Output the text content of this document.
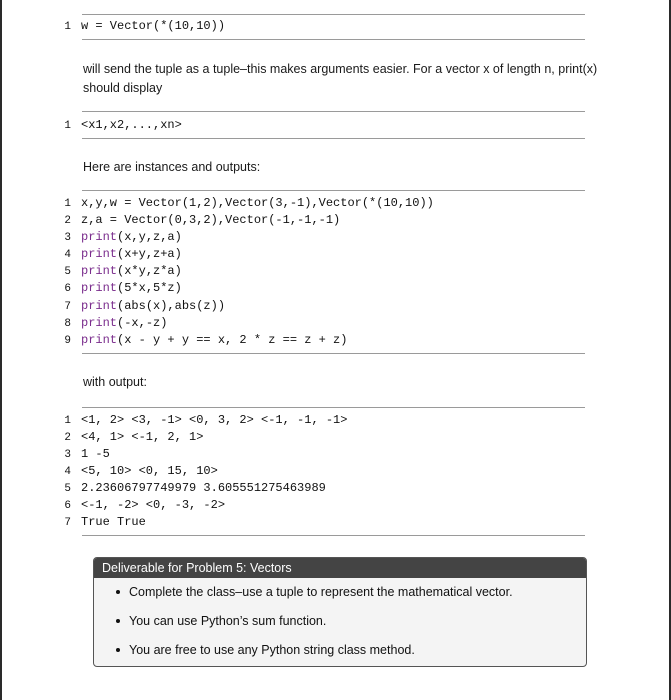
1 w = Vector(*(10,10))
will send the tuple as a tuple–this makes arguments easier. For a vector x of length n, print(x) should display
1 <x1,x2,...,xn>
Here are instances and outputs:
1 x,y,w = Vector(1,2),Vector(3,-1),Vector(*(10,10))
2 z,a = Vector(0,3,2),Vector(-1,-1,-1)
3 print(x,y,z,a)
4 print(x+y,z+a)
5 print(x*y,z*a)
6 print(5*x,5*z)
7 print(abs(x),abs(z))
8 print(-x,-z)
9 print(x - y + y == x, 2 * z == z + z)
with output:
1 <1, 2> <3, -1> <0, 3, 2> <-1, -1, -1>
2 <4, 1> <-1, 2, 1>
3 1 -5
4 <5, 10> <0, 15, 10>
5 2.23606797749979 3.605551275463989
6 <-1, -2> <0, -3, -2>
7 True True
Deliverable for Problem 5: Vectors
Complete the class–use a tuple to represent the mathematical vector.
You can use Python’s sum function.
You are free to use any Python string class method.
